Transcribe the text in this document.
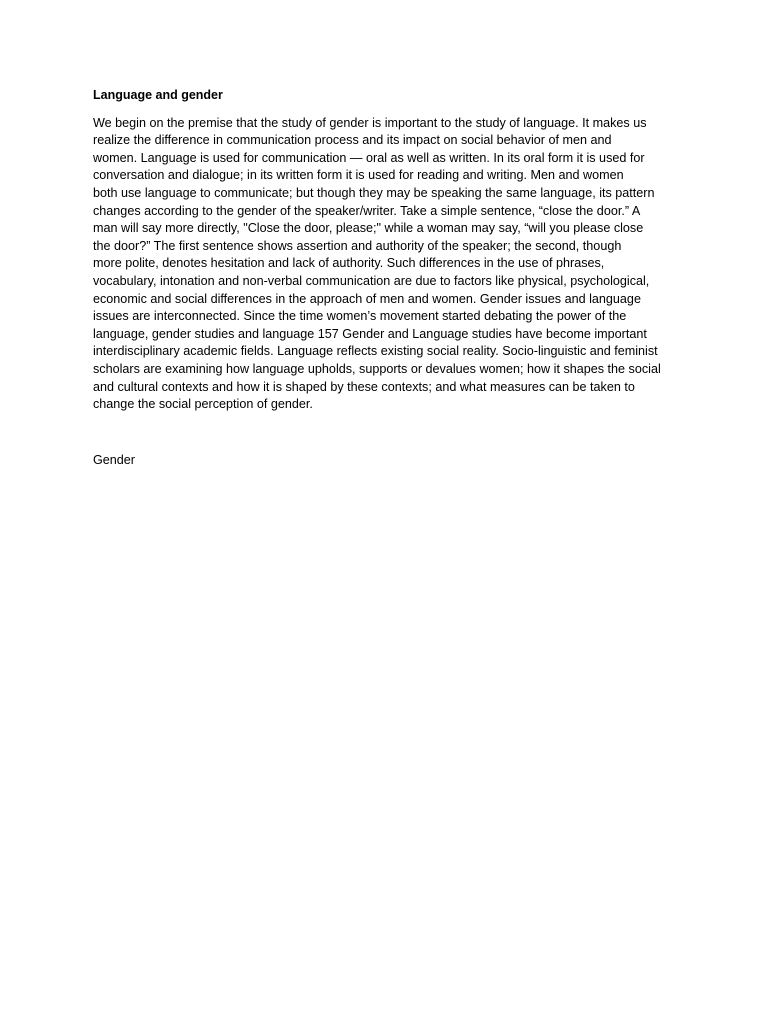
Language and gender

We begin on the premise that the study of gender is important to the study of language. It makes us
realize the difference in communication process and its impact on social behavior of men and
women. Language is used for communication — oral as well as written. In its oral form it is used for
conversation and dialogue; in its written form it is used for reading and writing. Men and women
both use language to communicate; but though they may be speaking the same language, its pattern
changes according to the gender of the speaker/writer. Take a simple sentence, “close the door.” A
man will say more directly, "Close the door, please;" while a woman may say, “will you please close
the door?” The first sentence shows assertion and authority of the speaker; the second, though
more polite, denotes hesitation and lack of authority. Such differences in the use of phrases,
vocabulary, intonation and non-verbal communication are due to factors like physical, psychological,
economic and social differences in the approach of men and women. Gender issues and language
issues are interconnected. Since the time women’s movement started debating the power of the
language, gender studies and language 157 Gender and Language studies have become important
interdisciplinary academic fields. Language reflects existing social reality. Socio-linguistic and feminist
scholars are examining how language upholds, supports or devalues women; how it shapes the social
and cultural contexts and how it is shaped by these contexts; and what measures can be taken to
change the social perception of gender.

Gender
